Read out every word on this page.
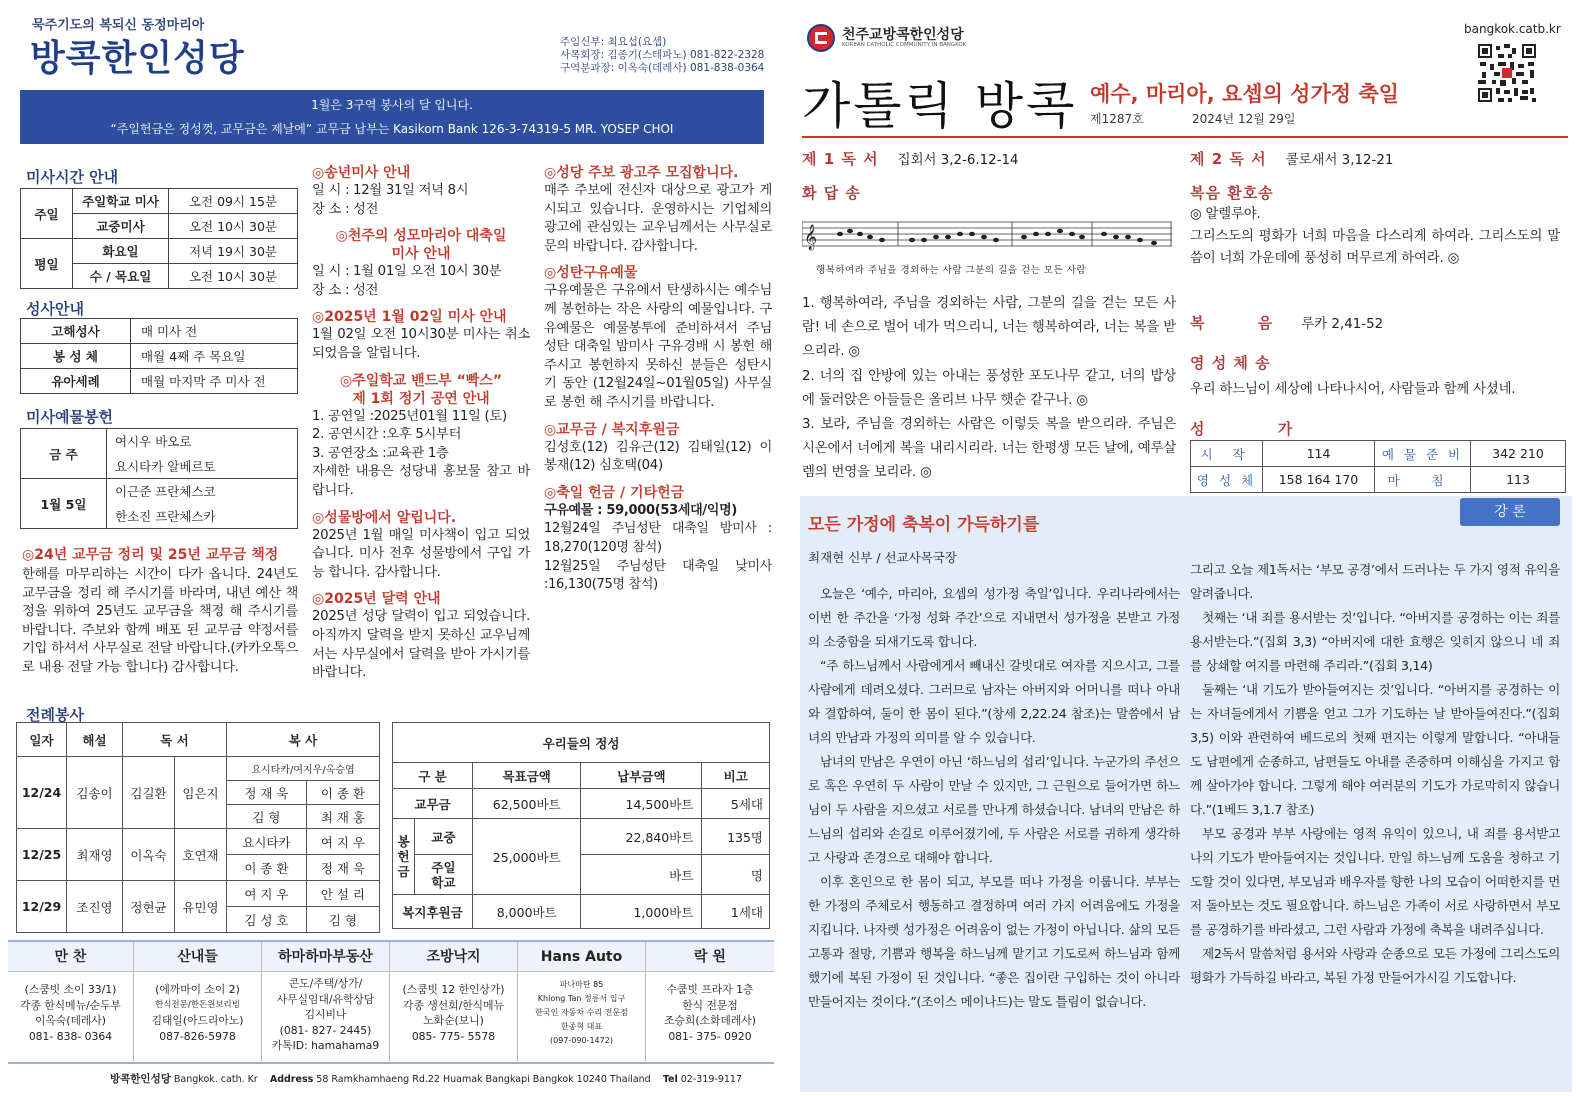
묵주기도의 복되신 동정마리아
방콕한인성당	주임신부: 최요섭(요셉)
사목회장: 김종기(스테파노) 081-822-2328
구역분과장: 이옥숙(데레사) 081-838-0364
1월은 3구역 봉사의 달 입니다.
“주일헌금은 정성껏, 교무금은 제날에” 교무금 납부는 Kasikorn Bank 126-3-74319-5 MR. YOSEP CHOI
미사시간 안내
주일	주일학교 미사	오전 09시 15분
	교중미사	오전 10시 30분
평일	화요일	저녁 19시 30분
	수 / 목요일	오전 10시 30분
성사안내
고해성사	매 미사 전
봉 성 체	매월 4째 주 목요일
유아세례	매월 마지막 주 미사 전
미사예물봉헌
금 주	여시우 바오로
	요시타카 알베르토
1월 5일	이근준 프란체스코
	한소진 프란체스카
◎24년 교무금 정리 및 25년 교무금 책정
한해를 마무리하는 시간이 다가 옵니다. 24년도 교무금을 정리 해 주시기를 바라며, 내년 예산 책정을 위하여 25년도 교무금을 책정 해 주시기를 바랍니다. 주보와 함께 배포 된 교무금 약정서를 기입 하셔서 사무실로 전달 바랍니다.(카카오톡으로 내용 전달 가능 합니다) 감사합니다.
◎송년미사 안내
일 시 : 12월 31일 저녁 8시
장 소 : 성전
◎천주의 성모마리아 대축일
미사 안내
일 시 : 1월 01일 오전 10시 30분
장 소 : 성전
◎2025년 1월 02일 미사 안내
1월 02일 오전 10시30분 미사는 취소 되었음을 알립니다.
◎주일학교 밴드부 “빡스”
제 1회 정기 공연 안내
1. 공연일 :2025년01월 11일 (토)
2. 공연시간 :오후 5시부터
3. 공연장소 :교육관 1층
자세한 내용은 성당내 홍보물 참고 바랍니다.
◎성물방에서 알립니다.
2025년 1월 매일 미사책이 입고 되었습니다. 미사 전후 성물방에서 구입 가능 합니다. 감사합니다.
◎2025년 달력 안내
2025년 성당 달력이 입고 되었습니다. 아직까지 달력을 받지 못하신 교우님께서는 사무실에서 달력을 받아 가시기를 바랍니다.
◎성당 주보 광고주 모집합니다.
매주 주보에 전신자 대상으로 광고가 게시되고 있습니다. 운영하시는 기업체의 광고에 관심있는 교우님께서는 사무실로 문의 바랍니다. 감사합니다.
◎성탄구유예물
구유예물은 구유에서 탄생하시는 예수님께 봉헌하는 작은 사랑의 예물입니다. 구유예물은 예물봉투에 준비하셔서 주님 성탄 대축일 밤미사 구유경배 시 봉헌 해 주시고 봉헌하지 못하신 분들은 성탄시기 동안 (12월24일~01월05일) 사무실로 봉헌 해 주시기를 바랍니다.
◎교무금 / 복지후원금
김성호(12) 김유근(12) 김태일(12) 이봉재(12) 심호택(04)
◎축일 헌금 / 기타헌금
구유예물 : 59,000(53세대/익명)
12월24일 주님성탄 대축일 밤미사 : 18,270(120명 참석)
12월25일 주님성탄 대축일 낮미사 :16,130(75명 참석)
전례봉사
일자	해설	독 서		복 사	
12/24	김송이	김길환	임은지	요시타카/여지우/옥승엽	
				정 재 욱	이 종 환
				김 형	최 재 홍
12/25	최재영	이옥숙	호연재	요시타카	여 지 우
				이 종 환	정 재 욱
12/29	조진영	정현균	유민영	여 지 우	안 설 리
				김 성 호	김 형
우리들의 정성				
구 분		목표금액	납부금액	비고
교무금		62,500바트	14,500바트	5세대
봉
헌
금	교중	25,000바트	22,840바트	135명
	주일
학교		바트	명
복지후원금		8,000바트	1,000바트	1세대
만 찬
(스쿰빗 소이 33/1)
각종 한식메뉴/순두부
이옥숙(데레사)
081- 838- 0364
산내들
(에까마이 소이 2)
한식전문/한돈원보리빙
김태일(아드리아노)
087-826-5978
하마하마부동산
콘도/주택/상가/
사무실임대/유학상담
김시비나
(081- 827- 2445)
카톡ID: hamahama9
조방낙지
(스쿰빗 12 한인상가)
각종 생선회/한식메뉴
노화순(보니)
085- 775- 5578
Hans Auto
파나마탄 85
Khlong Tan 정릉서 입구
한국인 자동차 수리 전문점
한종혁 대표
(097-090-1472)
락 원
수쿰빗 프라자 1층
한식 전문점
조승희(소화데레사)
081- 375- 0920
방콕한인성당 Bangkok. cath. Kr Address 58 Ramkhamhaeng Rd.22 Huamak Bangkapi Bangkok 10240 Thailand Tel 02-319-9117
천주교방콕한인성당
KOREAN CATHOLIC COMMUNITY IN BANGKOK
bangkok.catb.kr
가톨릭 방콕 예수, 마리아, 요셉의 성가정 축일
제1287호	2024년 12월 29일
제 1 독 서 집회서 3,2-6.12-14
화 답 송
𝄞
행복하여라 주님을 경외하는 사람 그분의 길을 걷는 모든 사람
1. 행복하여라, 주님을 경외하는 사람, 그분의 길을 걷는 모든 사람! 네 손으로 벌어 네가 먹으리니, 너는 행복하여라, 너는 복을 받으리라. ◎
2. 너의 집 안방에 있는 아내는 풍성한 포도나무 같고, 너의 밥상에 둘러앉은 아들들은 올리브 나무 햇순 같구나. ◎
3. 보라, 주님을 경외하는 사람은 이렇듯 복을 받으리라. 주님은 시온에서 너에게 복을 내리시리라. 너는 한평생 모든 날에, 예루살렘의 번영을 보리라. ◎
제 2 독 서 콜로새서 3,12-21
복음 환호송
◎ 알렐루야.
그리스도의 평화가 너희 마음을 다스리게 하여라. 그리스도의 말씀이 너희 가운데에 풍성히 머무르게 하여라. ◎
복 음 루카 2,41-52
영 성 체 송
우리 하느님이 세상에 나타나시어, 사람들과 함께 사셨네.
성 가
시 작	114	예 물 준 비	342 210
영 성 체	158 164 170	마 침	113
모든 가정에 축복이 가득하기를
강 론
최재현 신부 / 선교사목국장

오늘은 ‘예수, 마리아, 요셉의 성가정 축일’입니다. 우리나라에서는 이번 한 주간을 ‘가정 성화 주간’으로 지내면서 성가정을 본받고 가정의 소중함을 되새기도록 합니다.

“주 하느님께서 사람에게서 빼내신 갈빗대로 여자를 지으시고, 그를 사람에게 데려오셨다. 그러므로 남자는 아버지와 어머니를 떠나 아내와 결합하여, 둘이 한 몸이 된다.”(창세 2,22.24 참조)는 말씀에서 남녀의 만남과 가정의 의미를 알 수 있습니다.

남녀의 만남은 우연이 아닌 ‘하느님의 섭리’입니다. 누군가의 주선으로 혹은 우연히 두 사람이 만날 수 있지만, 그 근원으로 들어가면 하느님이 두 사람을 지으셨고 서로를 만나게 하셨습니다. 남녀의 만남은 하느님의 섭리와 손길로 이루어졌기에, 두 사람은 서로를 귀하게 생각하고 사랑과 존경으로 대해야 합니다.

이후 혼인으로 한 몸이 되고, 부모를 떠나 가정을 이룹니다. 부부는 한 가정의 주체로서 행동하고 결정하며 여러 가지 어려움에도 가정을 지킵니다. 나자렛 성가정은 어려움이 없는 가정이 아닙니다. 삶의 모든 고통과 절망, 기쁨과 행복을 하느님께 맡기고 기도로써 하느님과 함께 했기에 복된 가정이 된 것입니다. “좋은 집이란 구입하는 것이 아니라 만들어지는 것이다.”(조이스 메이나드)는 말도 틀림이 없습니다.

그리고 오늘 제1독서는 ‘부모 공경’에서 드러나는 두 가지 영적 유익을 알려줍니다.

첫째는 ‘내 죄를 용서받는 것’입니다. “아버지를 공경하는 이는 죄를 용서받는다.”(집회 3,3) “아버지에 대한 효행은 잊히지 않으니 네 죄를 상쇄할 여지를 마련해 주리라.”(집회 3,14)

둘째는 ‘내 기도가 받아들여지는 것’입니다. “아버지를 공경하는 이는 자녀들에게서 기쁨을 얻고 그가 기도하는 날 받아들여진다.”(집회 3,5) 이와 관련하여 베드로의 첫째 편지는 이렇게 말합니다. “아내들도 남편에게 순종하고, 남편들도 아내를 존중하며 이해심을 가지고 함께 살아가야 합니다. 그렇게 해야 여러분의 기도가 가로막히지 않습니다.”(1베드 3,1.7 참조)

부모 공경과 부부 사랑에는 영적 유익이 있으니, 내 죄를 용서받고 나의 기도가 받아들여지는 것입니다. 만일 하느님께 도움을 청하고 기도할 것이 있다면, 부모님과 배우자를 향한 나의 모습이 어떠한지를 먼저 돌아보는 것도 필요합니다. 하느님은 가족이 서로 사랑하면서 부모를 공경하기를 바라셨고, 그런 사람과 가정에 축복을 내려주십니다.

제2독서 말씀처럼 용서와 사랑과 순종으로 모든 가정에 그리스도의 평화가 가득하길 바라고, 복된 가정 만들어가시길 기도합니다.
